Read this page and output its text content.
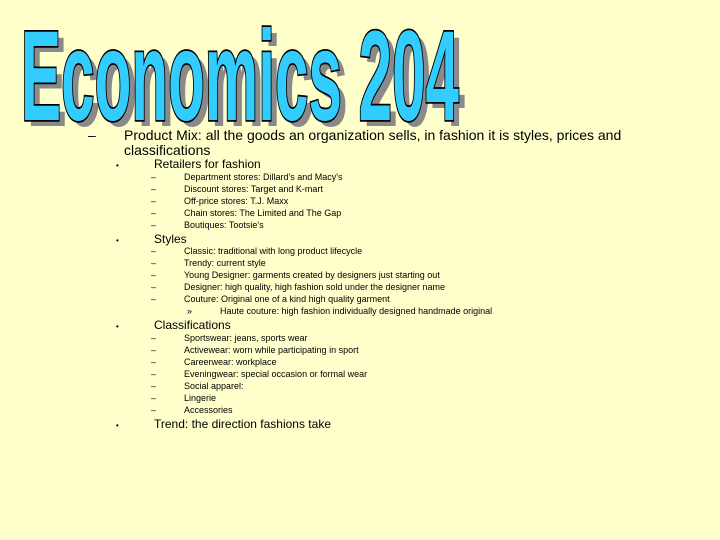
Economics 204
Economics 204
– Product Mix: all the goods an organization sells, in fashion it is styles, prices and
classifications
•	Retailers for fashion
–	Department stores: Dillard's and Macy's
–	Discount stores: Target and K-mart
–	Off-price stores: T.J. Maxx
–	Chain stores: The Limited and The Gap
–	Boutiques: Tootsie's
•	Styles
–	Classic: traditional with long product lifecycle
–	Trendy: current style
–	Young Designer: garments created by designers just starting out
–	Designer: high quality, high fashion sold under the designer name
–	Couture: Original one of a kind high quality garment
»	Haute couture: high fashion individually designed handmade original
•	Classifications
–	Sportswear: jeans, sports wear
–	Activewear: worn while participating in sport
–	Careerwear: workplace
–	Eveningwear: special occasion or formal wear
–	Social apparel:
–	Lingerie
–	Accessories
•	Trend: the direction fashions take
